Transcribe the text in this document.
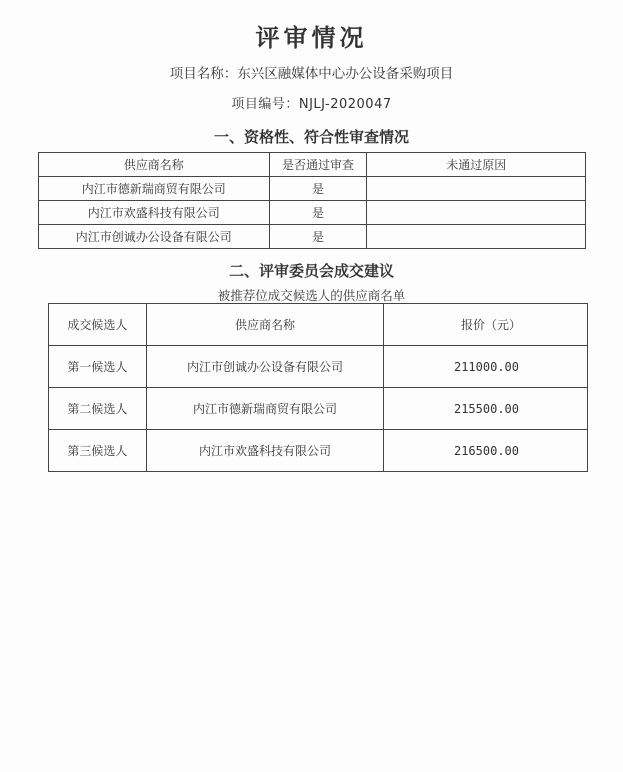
评审情况
项目名称：东兴区融媒体中心办公设备采购项目
项目编号：NJLJ-2020047
一、资格性、符合性审查情况
供应商名称	是否通过审查	未通过原因
内江市德新瑞商贸有限公司	是	
内江市欢盛科技有限公司	是	
内江市创诚办公设备有限公司	是	
二、评审委员会成交建议
被推荐位成交候选人的供应商名单
成交候选人	供应商名称	报价（元）
第一候选人	内江市创诚办公设备有限公司	211000.00
第二候选人	内江市德新瑞商贸有限公司	215500.00
第三候选人	内江市欢盛科技有限公司	216500.00
